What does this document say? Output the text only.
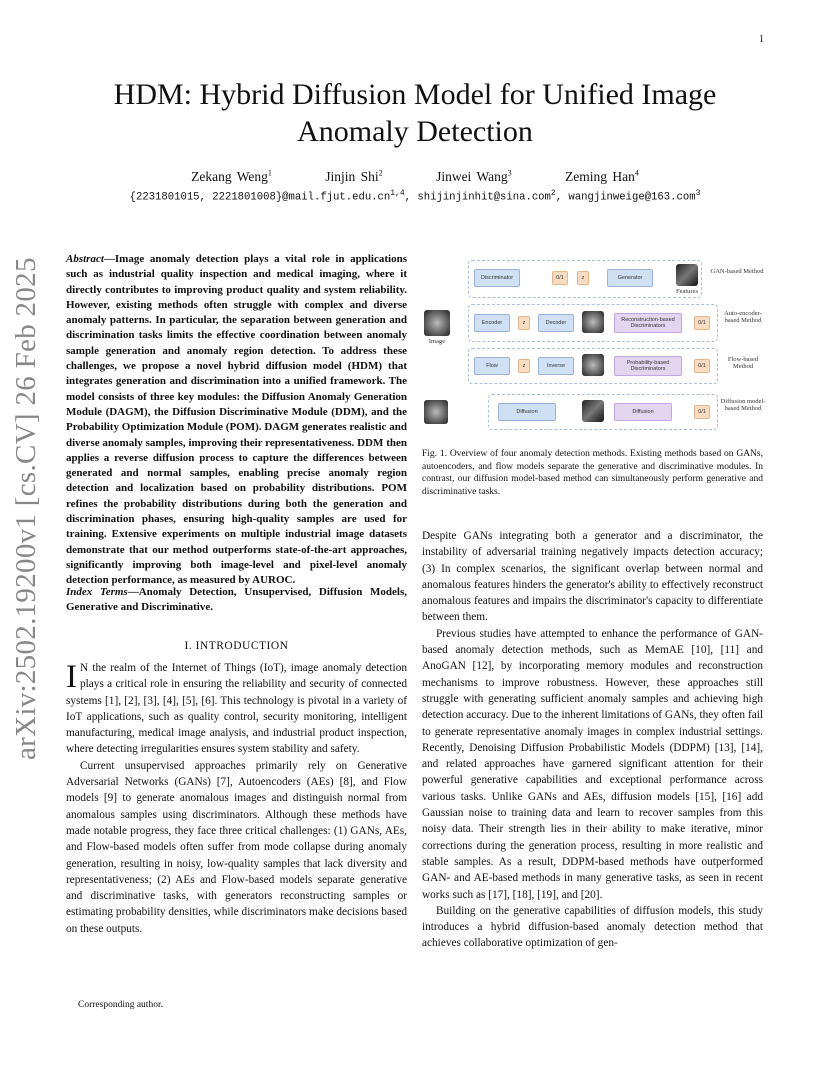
1
arXiv:2502.19200v1 [cs.CV] 26 Feb 2025
HDM: Hybrid Diffusion Model for Unified Image Anomaly Detection
Zekang Weng$^1$	Jinjin Shi$^2$	Jinwei Wang$^3$	Zeming Han$^4$
{2231801015, 2221801008}@mail.fjut.edu.cn$^{1,4}$, shijinjinhit@sina.com$^2$, wangjinweige@163.com$^3$
Abstract—Image anomaly detection plays a vital role in applications such as industrial quality inspection and medical imaging, where it directly contributes to improving product quality and system reliability. However, existing methods often struggle with complex and diverse anomaly patterns. In particular, the separation between generation and discrimination tasks limits the effective coordination between anomaly sample generation and anomaly region detection. To address these challenges, we propose a novel hybrid diffusion model (HDM) that integrates generation and discrimination into a unified framework. The model consists of three key modules: the Diffusion Anomaly Generation Module (DAGM), the Diffusion Discriminative Module (DDM), and the Probability Optimization Module (POM). DAGM generates realistic and diverse anomaly samples, improving their representativeness. DDM then applies a reverse diffusion process to capture the differences between generated and normal samples, enabling precise anomaly region detection and localization based on probability distributions. POM refines the probability distributions during both the generation and discrimination phases, ensuring high-quality samples are used for training. Extensive experiments on multiple industrial image datasets demonstrate that our method outperforms state-of-the-art approaches, significantly improving both image-level and pixel-level anomaly detection performance, as measured by AUROC.
Index Terms—Anomaly Detection, Unsupervised, Diffusion Models, Generative and Discriminative.
I. INTRODUCTION

I N the realm of the Internet of Things (IoT), image anomaly detection plays a critical role in ensuring the reliability and security of connected systems [1], [2], [3], [4], [5], [6]. This technology is pivotal in a variety of IoT applications, such as quality control, security monitoring, intelligent manufacturing, medical image analysis, and industrial product inspection, where detecting irregularities ensures system stability and safety.

Current unsupervised approaches primarily rely on Generative Adversarial Networks (GANs) [7], Autoencoders (AEs) [8], and Flow models [9] to generate anomalous images and distinguish normal from anomalous samples using discriminators. Although these methods have made notable progress, they face three critical challenges: (1) GANs, AEs, and Flow-based models often suffer from mode collapse during anomaly generation, resulting in noisy, low-quality samples that lack diversity and representativeness; (2) AEs and Flow-based models separate generative and discriminative tasks, with generators reconstructing samples or estimating probability densities, while discriminators make decisions based on these outputs.

Corresponding author.
Discriminator	0/1	z	Generator
Features
GAN-based Method
Image
Encoder	z	Decoder	Reconstruction-based Discriminators	0/1
Auto-encoder-based Method
Flow	z	Inverse	Probability-based Discriminators	0/1
Flow-based Method
Diffusion	Diffusion	0/1
Diffusion model-based Method
Fig. 1. Overview of four anomaly detection methods. Existing methods based on GANs, autoencoders, and flow models separate the generative and discriminative modules. In contrast, our diffusion model-based method can simultaneously perform generative and discriminative tasks.

Despite GANs integrating both a generator and a discriminator, the instability of adversarial training negatively impacts detection accuracy; (3) In complex scenarios, the significant overlap between normal and anomalous features hinders the generator's ability to effectively reconstruct anomalous features and impairs the discriminator's capacity to differentiate between them.

Previous studies have attempted to enhance the performance of GAN-based anomaly detection methods, such as MemAE [10], [11] and AnoGAN [12], by incorporating memory modules and reconstruction mechanisms to improve robustness. However, these approaches still struggle with generating sufficient anomaly samples and achieving high detection accuracy. Due to the inherent limitations of GANs, they often fail to generate representative anomaly images in complex industrial settings. Recently, Denoising Diffusion Probabilistic Models (DDPM) [13], [14], and related approaches have garnered significant attention for their powerful generative capabilities and exceptional performance across various tasks. Unlike GANs and AEs, diffusion models [15], [16] add Gaussian noise to training data and learn to recover samples from this noisy data. Their strength lies in their ability to make iterative, minor corrections during the generation process, resulting in more realistic and stable samples. As a result, DDPM-based methods have outperformed GAN- and AE-based methods in many generative tasks, as seen in recent works such as [17], [18], [19], and [20].

Building on the generative capabilities of diffusion models, this study introduces a hybrid diffusion-based anomaly detection method that achieves collaborative optimization of gen-
